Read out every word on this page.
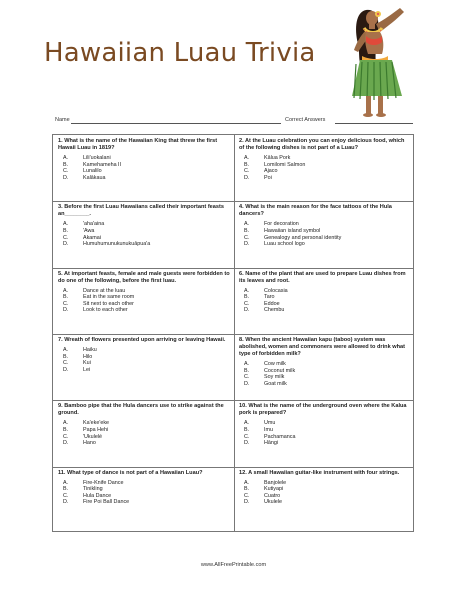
Hawaiian Luau Trivia
Name	Correct Answers

1. What is the name of the Hawaiian King that threw the first Hawaii Luau in 1819?

A.	Lili'uokalani
B.	Kamehameha II
C.	Lunalilo
D.	Kalākaua

2. At the Luau celebration you can enjoy delicious food, which of the following dishes is not part of a Luau?

A.	Kālua Pork
B.	Lomilomi Salmon
C.	Ajaco
D.	Poi

3. Before the first Luau Hawaiians called their important feasts an________.

A.	'aha'aina
B.	'Awa
C.	Akamai
D.	Humuhumunukunukuāpua'a

4. What is the main reason for the face tattoos of the Hula dancers?

A.	For decoration
B.	Hawaiian island symbol
C.	Genealogy and personal identity
D.	Luau school logo

5. At important feasts, female and male guests were forbidden to do one of the following, before the first luau.

A.	Dance at the luau
B.	Eat in the same room
C.	Sit next to each other
D.	Look to each other

6. Name of the plant that are used to prepare Luau dishes from its leaves and root.

A.	Colocasia
B.	Taro
C.	Eddoe
D.	Chembu

7. Wreath of flowers presented upon arriving or leaving Hawaii.

A.	Haiku
B.	Hilo
C.	Kui
D.	Lei

8. When the ancient Hawaiian kapu (taboo) system was abolished, women and commoners were allowed to drink what type of forbidden milk?

A.	Cow milk
B.	Coconut milk
C.	Soy milk
D.	Goat milk

9. Bamboo pipe that the Hula dancers use to strike against the ground.

A.	Ka'eke'eke
B.	Papa Hehi
C.	'Ukulelé
D.	Hano

10. What is the name of the underground oven where the Kalua pork is prepared?

A.	Umu
B.	Imu
C.	Pachamanca
D.	Hāngi

11. What type of dance is not part of a Hawaiian Luau?

A.	Fire-Knife Dance
B.	Tinikling
C.	Hula Dance
D.	Fire Poi Ball Dance

12. A small Hawaiian guitar-like instrument with four strings.

A.	Banjolele
B.	Kutiyapi
C.	Cuatro
D.	Ukulele
www.AllFreePrintable.com
